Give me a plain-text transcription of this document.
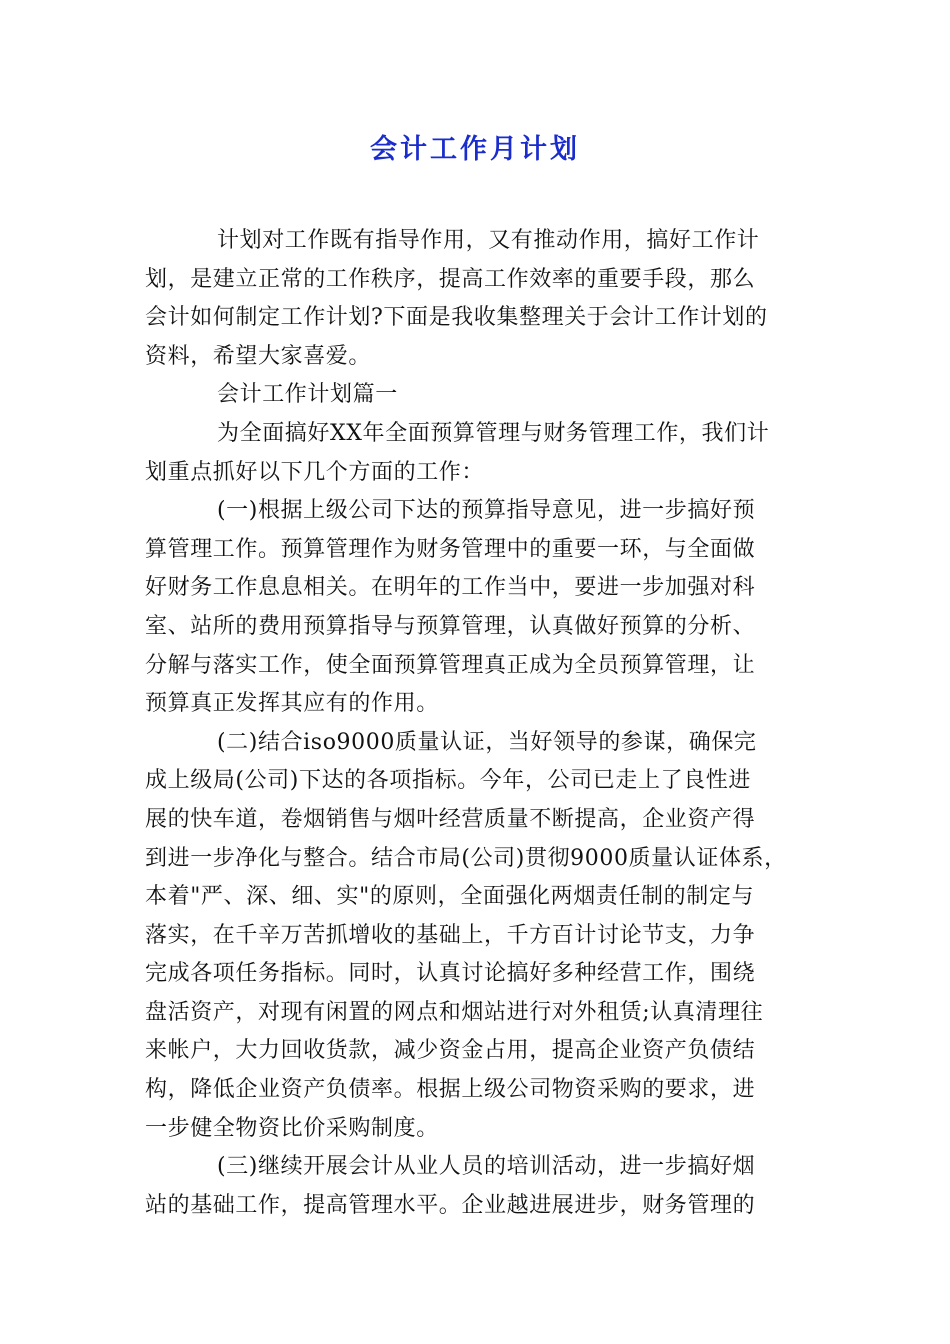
会计工作月计划
计划对工作既有指导作用，又有推动作用，搞好工作计
划，是建立正常的工作秩序，提高工作效率的重要手段，那么
会计如何制定工作计划?下面是我收集整理关于会计工作计划的
资料，希望大家喜爱。
会计工作计划篇一
为全面搞好XX年全面预算管理与财务管理工作，我们计
划重点抓好以下几个方面的工作：
(一)根据上级公司下达的预算指导意见，进一步搞好预
算管理工作。预算管理作为财务管理中的重要一环，与全面做
好财务工作息息相关。在明年的工作当中，要进一步加强对科
室、站所的费用预算指导与预算管理，认真做好预算的分析、
分解与落实工作，使全面预算管理真正成为全员预算管理，让
预算真正发挥其应有的作用。
(二)结合iso9000质量认证，当好领导的参谋，确保完
成上级局(公司)下达的各项指标。今年，公司已走上了良性进
展的快车道，卷烟销售与烟叶经营质量不断提高，企业资产得
到进一步净化与整合。结合市局(公司)贯彻9000质量认证体系，
本着"严、深、细、实"的原则，全面强化两烟责任制的制定与
落实，在千辛万苦抓增收的基础上，千方百计讨论节支，力争
完成各项任务指标。同时，认真讨论搞好多种经营工作，围绕
盘活资产，对现有闲置的网点和烟站进行对外租赁;认真清理往
来帐户，大力回收货款，减少资金占用，提高企业资产负债结
构，降低企业资产负债率。根据上级公司物资采购的要求，进
一步健全物资比价采购制度。
(三)继续开展会计从业人员的培训活动，进一步搞好烟
站的基础工作，提高管理水平。企业越进展进步，财务管理的
